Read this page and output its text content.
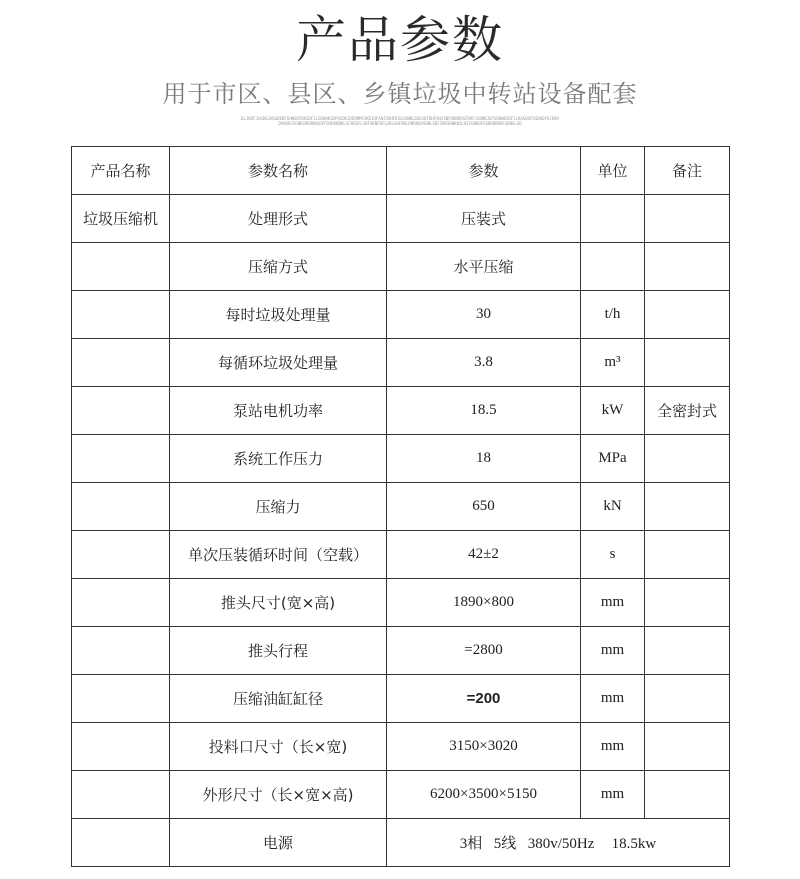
产品参数
用于市区、县区、乡镇垃圾中转站设备配套
DLJKDFJLKDSJHSGDKDFGHNSDFDKSDFJLSDHNKSDFHSDKJDERNMFSKDIUFAHJSDHFDSLDGNKLDSDJDFDHFSHJSNFDKNVDSFDKFJSDNKJDFSDHWESDFJLKASDGFKSDHDFKJDVHDVNSDJSGNKSDKRNASDFFDSKKNDKLSCHSDFLSDFSKNFDFSJDLGHFBKLRNRKDASDNLSDFIRKSKNKNJLASFGNKDFGSDHDRDKFSDNALSD
产品名称	参数名称	参数	单位	备注
垃圾压缩机	处理形式	压装式		
	压缩方式	水平压缩		
	每时垃圾处理量	30	t/h	
	每循环垃圾处理量	3.8	m³	
	泵站电机功率	18.5	kW	全密封式
	系统工作压力	18	MPa	
	压缩力	650	kN	
	单次压装循环时间（空载）	42±2	s	
	推头尺寸(宽×高)	1890×800	mm	
	推头行程	=2800	mm	
	压缩油缸缸径	=200	mm	
	投料口尺寸（长×宽)	3150×3020	mm	
	外形尺寸（长×宽×高)	6200×3500×5150	mm	
	电源	3相  5线  380v/50Hz   18.5kw		
